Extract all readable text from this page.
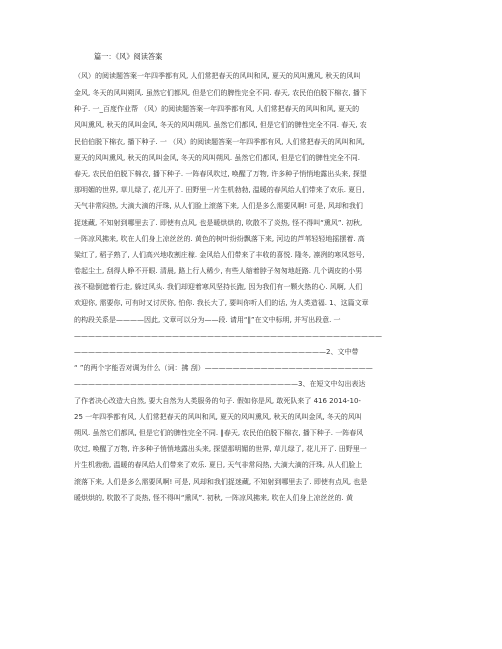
篇一：《风》阅读答案
（风）的阅读题答案一年四季都有风, 人们常把春天的风叫和风, 夏天的风叫熏风, 秋天的风叫
金风, 冬天的风叫朔风. 虽然它们都风, 但是它们的脾性完全不同. 春天, 农民伯伯脱下棉衣, 播下
种子. 一_百度作业帮 （风）的阅读题答案一年四季都有风, 人们常把春天的风叫和风, 夏天的
风叫熏风, 秋天的风叫金风, 冬天的风叫朔风. 虽然它们都风, 但是它们的脾性完全不同. 春天, 农
民伯伯脱下棉衣, 播下种子. 一 （风）的阅读题答案一年四季都有风, 人们常把春天的风叫和风,
夏天的风叫熏风, 秋天的风叫金风, 冬天的风叫朔风. 虽然它们都风, 但是它们的脾性完全不同.
春天, 农民伯伯脱下棉衣, 播下种子. 一阵春风吹过, 唤醒了万物, 许多种子悄悄地露出头来, 探望
那明媚的世界, 草儿绿了, 花儿开了. 田野里一片生机勃勃, 温暖的春风给人们带来了欢乐. 夏日,
天气非常闷热, 大滴大滴的汗珠, 从人们脸上滚落下来, 人们是多么需要风啊! 可是, 风却和我们
捉迷藏, 不知射到哪里去了. 即使有点风, 也是暖烘烘的, 吹散不了炎热, 怪不得叫“熏风”. 初秋,
一阵凉风拂来, 吹在人们身上凉丝丝的. 黄色的树叶纷纷飘落下来, 河边的芦苇轻轻地摇摆着. 高
粱红了, 稻子熟了, 人们高兴地收割庄稼. 金风给人们带来了丰收的喜悦. 隆冬, 凛冽的寒风怒号,
卷起尘土, 刮得人睁不开眼. 清晨, 路上行人稀少, 有些人缩着脖子匆匆地赶路. 几个调皮的小男
孩不稳倒遮着行走, 躲过风头. 我们却迎着寒风坚持长跑, 因为我们有一颗火热的心. 风啊, 人们
欢迎你, 需要你, 可有时又讨厌你, 怕你. 我长大了, 要叫你听人们的话, 为人类造福. 1、这篇文章
的构段关系是————因此, 文章可以分为——段. 请用“‖”在文中标明, 并写出段意. 一
————————————————————————————————————————————
————————————————————————————————————2、文中带
“ ”的两个字能否对调为什么（词：拂 刮）————————————————————————
————————————————————————————————3、在短文中勾出表达
了作者决心改造大自然, 要大自然为人类服务的句子. 假如你是风, 敢死队来了 416 2014-10-
25 一年四季都有风, 人们常把春天的风叫和风, 夏天的风叫熏风, 秋天的风叫金风, 冬天的风叫
朔风. 虽然它们都风, 但是它们的脾性完全不同. ‖春天, 农民伯伯脱下棉衣, 播下种子. 一阵春风
吹过, 唤醒了万物, 许多种子悄悄地露出头来, 探望那明媚的世界, 草儿绿了, 花儿开了. 田野里一
片生机勃勃, 温暖的春风给人们带来了欢乐. 夏日, 天气非常闷热, 大滴大滴的汗珠, 从人们脸上
滚落下来, 人们是多么需要风啊! 可是, 风却和我们捉迷藏, 不知射到哪里去了. 即使有点风, 也是
暖烘烘的, 吹散不了炎热, 怪不得叫“熏风”. 初秋, 一阵凉风拂来, 吹在人们身上凉丝丝的. 黄
